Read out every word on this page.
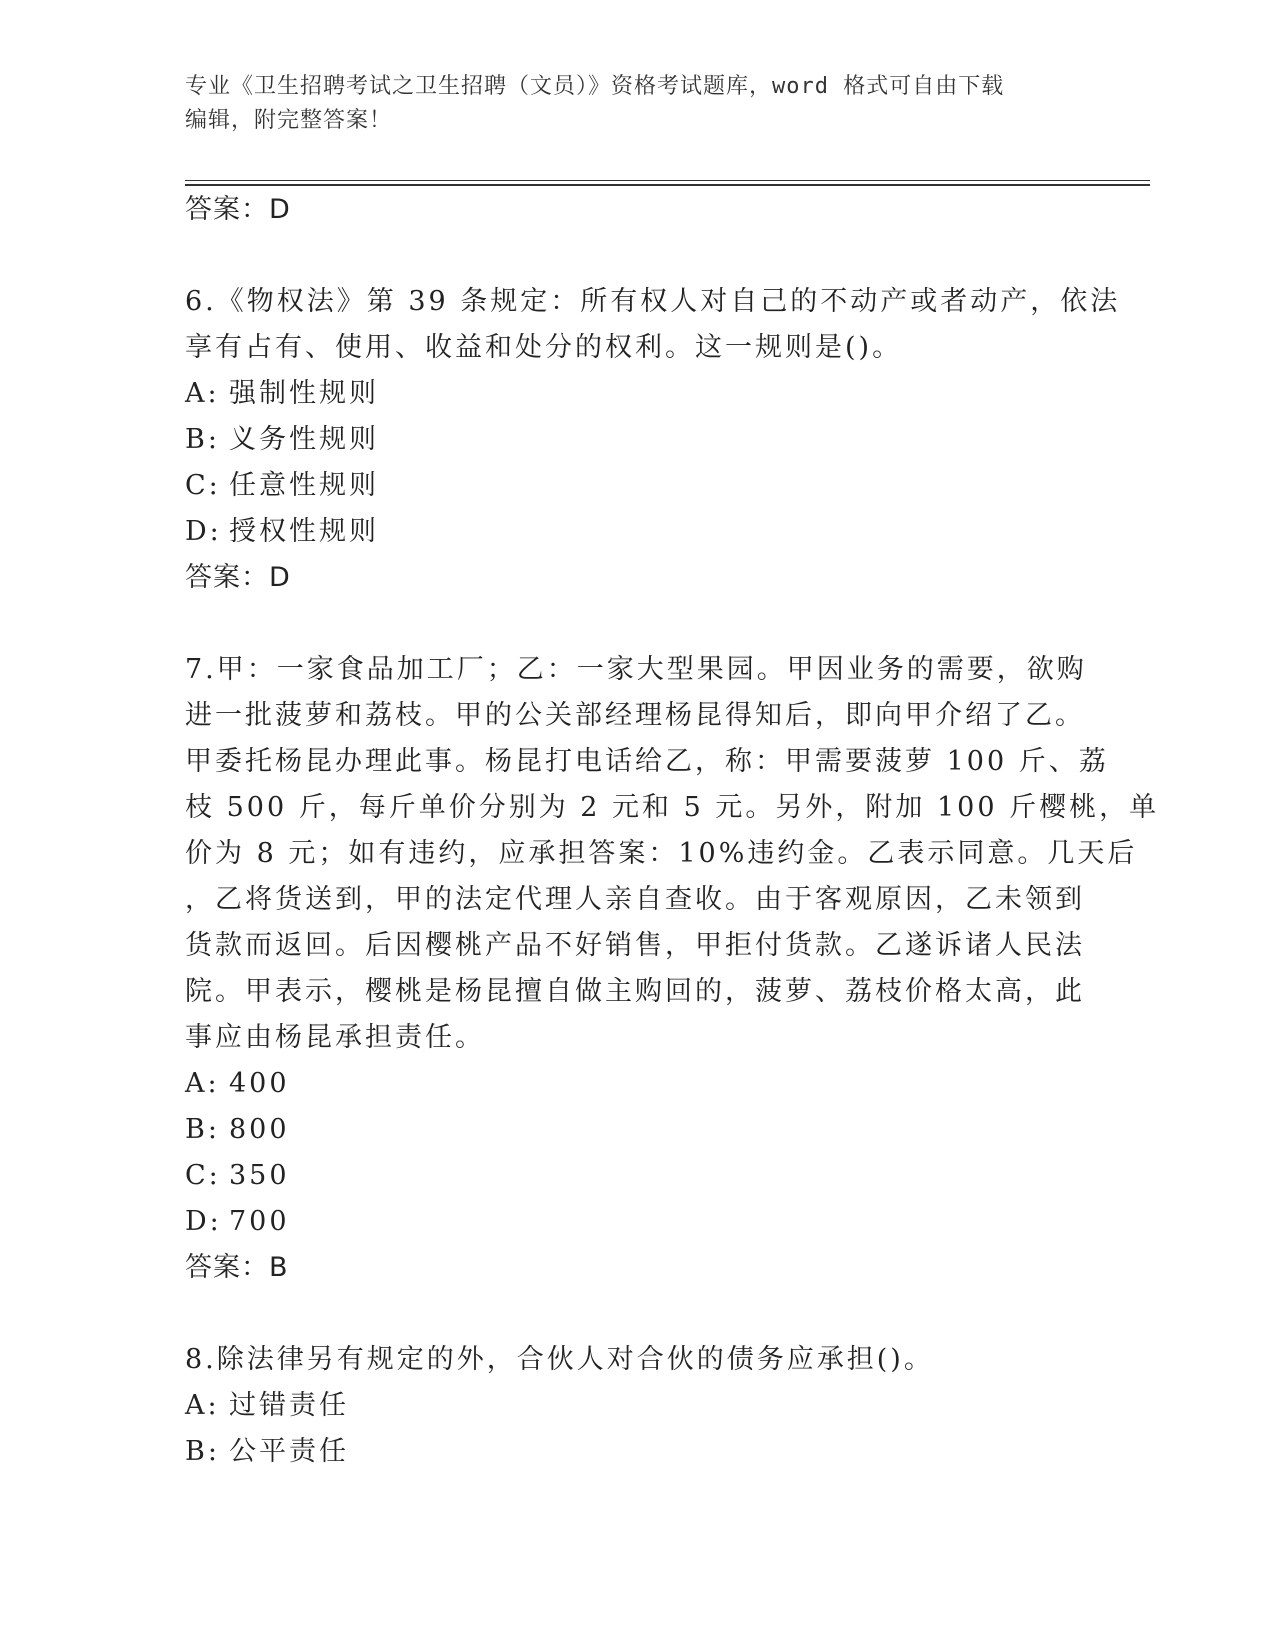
专业《卫生招聘考试之卫生招聘（文员）》资格考试题库，word 格式可自由下载
编辑，附完整答案！
答案：D
6.《物权法》第 39 条规定：所有权人对自己的不动产或者动产，依法
享有占有、使用、收益和处分的权利。这一规则是()。
A: 强制性规则
B: 义务性规则
C: 任意性规则
D: 授权性规则
答案：D
7.甲：一家食品加工厂；乙：一家大型果园。甲因业务的需要，欲购
进一批菠萝和荔枝。甲的公关部经理杨昆得知后，即向甲介绍了乙。
甲委托杨昆办理此事。杨昆打电话给乙，称：甲需要菠萝 100 斤、荔
枝 500 斤，每斤单价分别为 2 元和 5 元。另外，附加 100 斤樱桃，单
价为 8 元；如有违约，应承担答案：10%违约金。乙表示同意。几天后
，乙将货送到，甲的法定代理人亲自查收。由于客观原因，乙未领到
货款而返回。后因樱桃产品不好销售，甲拒付货款。乙遂诉诸人民法
院。甲表示，樱桃是杨昆擅自做主购回的，菠萝、荔枝价格太高，此
事应由杨昆承担责任。
A: 400
B: 800
C: 350
D: 700
答案：B
8.除法律另有规定的外，合伙人对合伙的债务应承担()。
A: 过错责任
B: 公平责任
